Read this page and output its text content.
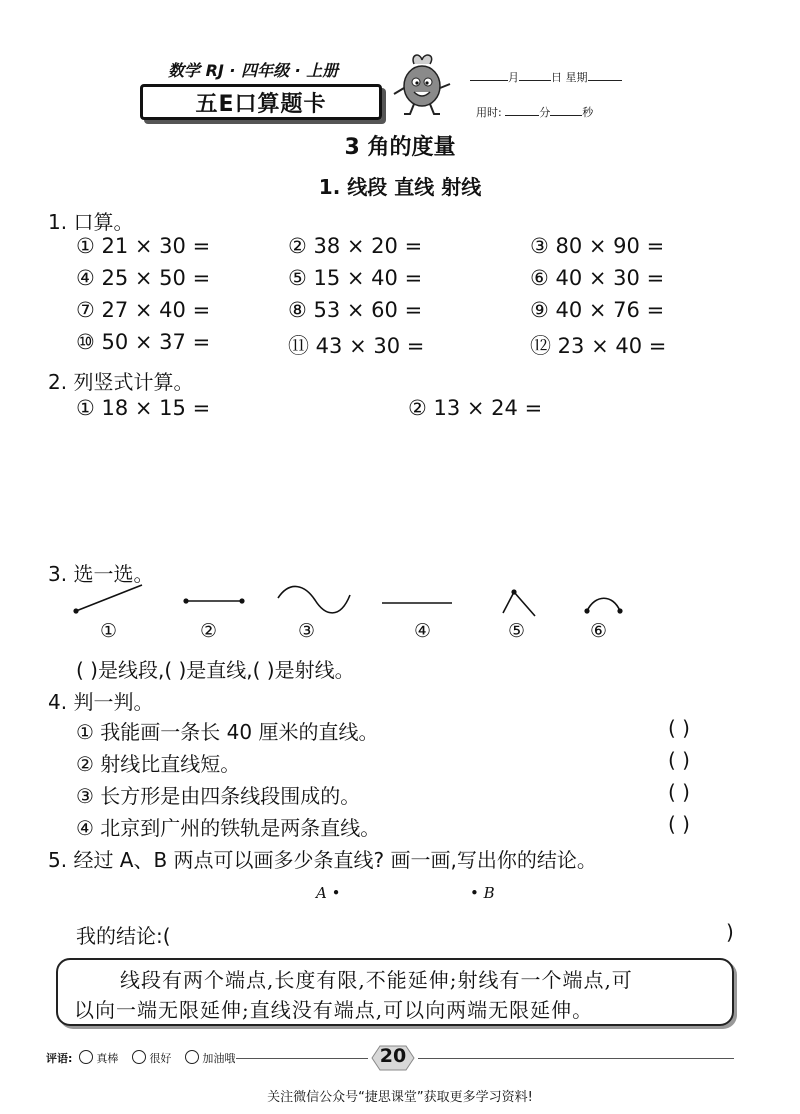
数学 RJ · 四年级 · 上册
五E口算题卡
月	日 星期
用时:	分	秒
3 角的度量
1. 线段 直线 射线
1. 口算。
① 21 × 30 =	② 38 × 20 =	③ 80 × 90 =
④ 25 × 50 =	⑤ 15 × 40 =	⑥ 40 × 30 =
⑦ 27 × 40 =	⑧ 53 × 60 =	⑨ 40 × 76 =
⑩ 50 × 37 =	⑪ 43 × 30 =	⑫ 23 × 40 =
2. 列竖式计算。
① 18 × 15 =	② 13 × 24 =
3. 选一选。
①	②	③	④	⑤	⑥
( )是线段,( )是直线,( )是射线。
4. 判一判。
① 我能画一条长 40 厘米的直线。	( )
② 射线比直线短。	( )
③ 长方形是由四条线段围成的。	( )
④ 北京到广州的铁轨是两条直线。	( )
5. 经过 A、B 两点可以画多少条直线? 画一画,写出你的结论。
A •	• B
我的结论:(	)
线段有两个端点,长度有限,不能延伸;射线有一个端点,可
以向一端无限延伸;直线没有端点,可以向两端无限延伸。
评语: 真棒	很好	加油哦	20
关注微信公众号“捷思课堂”获取更多学习资料!
